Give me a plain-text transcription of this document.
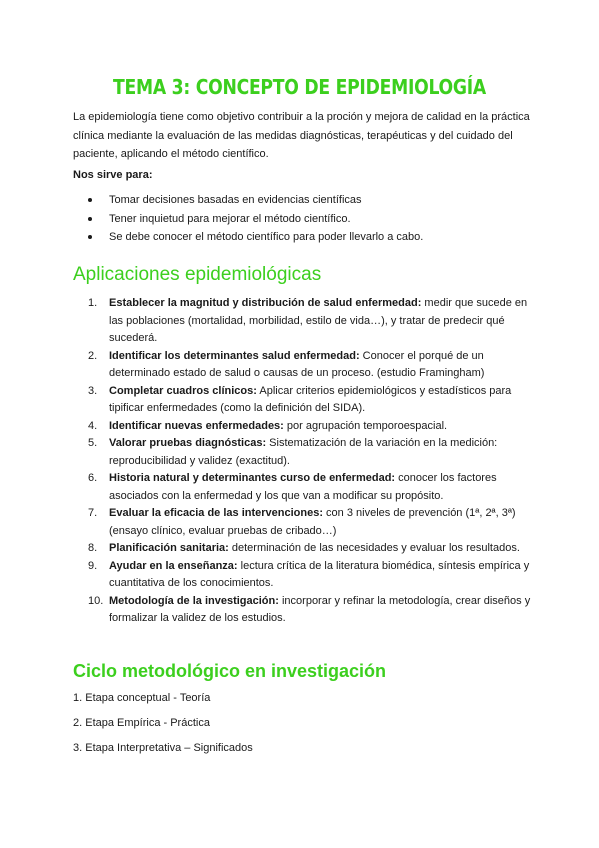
TEMA 3: CONCEPTO DE EPIDEMIOLOGÍA

La epidemiología tiene como objetivo contribuir a la proción y mejora de calidad en la práctica clínica mediante la evaluación de las medidas diagnósticas, terapéuticas y del cuidado del paciente, aplicando el método científico.

Nos sirve para:

Tomar decisiones basadas en evidencias científicas
Tener inquietud para mejorar el método científico.
Se debe conocer el método científico para poder llevarlo a cabo.
Aplicaciones epidemiológicas
1.	Establecer la magnitud y distribución de salud enfermedad: medir que sucede en las poblaciones (mortalidad, morbilidad, estilo de vida…), y tratar de predecir qué sucederá.
2.	Identificar los determinantes salud enfermedad: Conocer el porqué de un determinado estado de salud o causas de un proceso. (estudio Framingham)
3.	Completar cuadros clínicos: Aplicar criterios epidemiológicos y estadísticos para tipificar enfermedades (como la definición del SIDA).
4.	Identificar nuevas enfermedades: por agrupación temporoespacial.
5.	Valorar pruebas diagnósticas: Sistematización de la variación en la medición: reproducibilidad y validez (exactitud).
6.	Historia natural y determinantes curso de enfermedad: conocer los factores asociados con la enfermedad y los que van a modificar su propósito.
7.	Evaluar la eficacia de las intervenciones: con 3 niveles de prevención (1ª, 2ª, 3ª) (ensayo clínico, evaluar pruebas de cribado…)
8.	Planificación sanitaria: determinación de las necesidades y evaluar los resultados.
9.	Ayudar en la enseñanza: lectura crítica de la literatura biomédica, síntesis empírica y cuantitativa de los conocimientos.
10. Metodología de la investigación: incorporar y refinar la metodología, crear diseños y formalizar la validez de los estudios.
Ciclo metodológico en investigación

1. Etapa conceptual - Teoría

2. Etapa Empírica - Práctica

3. Etapa Interpretativa – Significados
